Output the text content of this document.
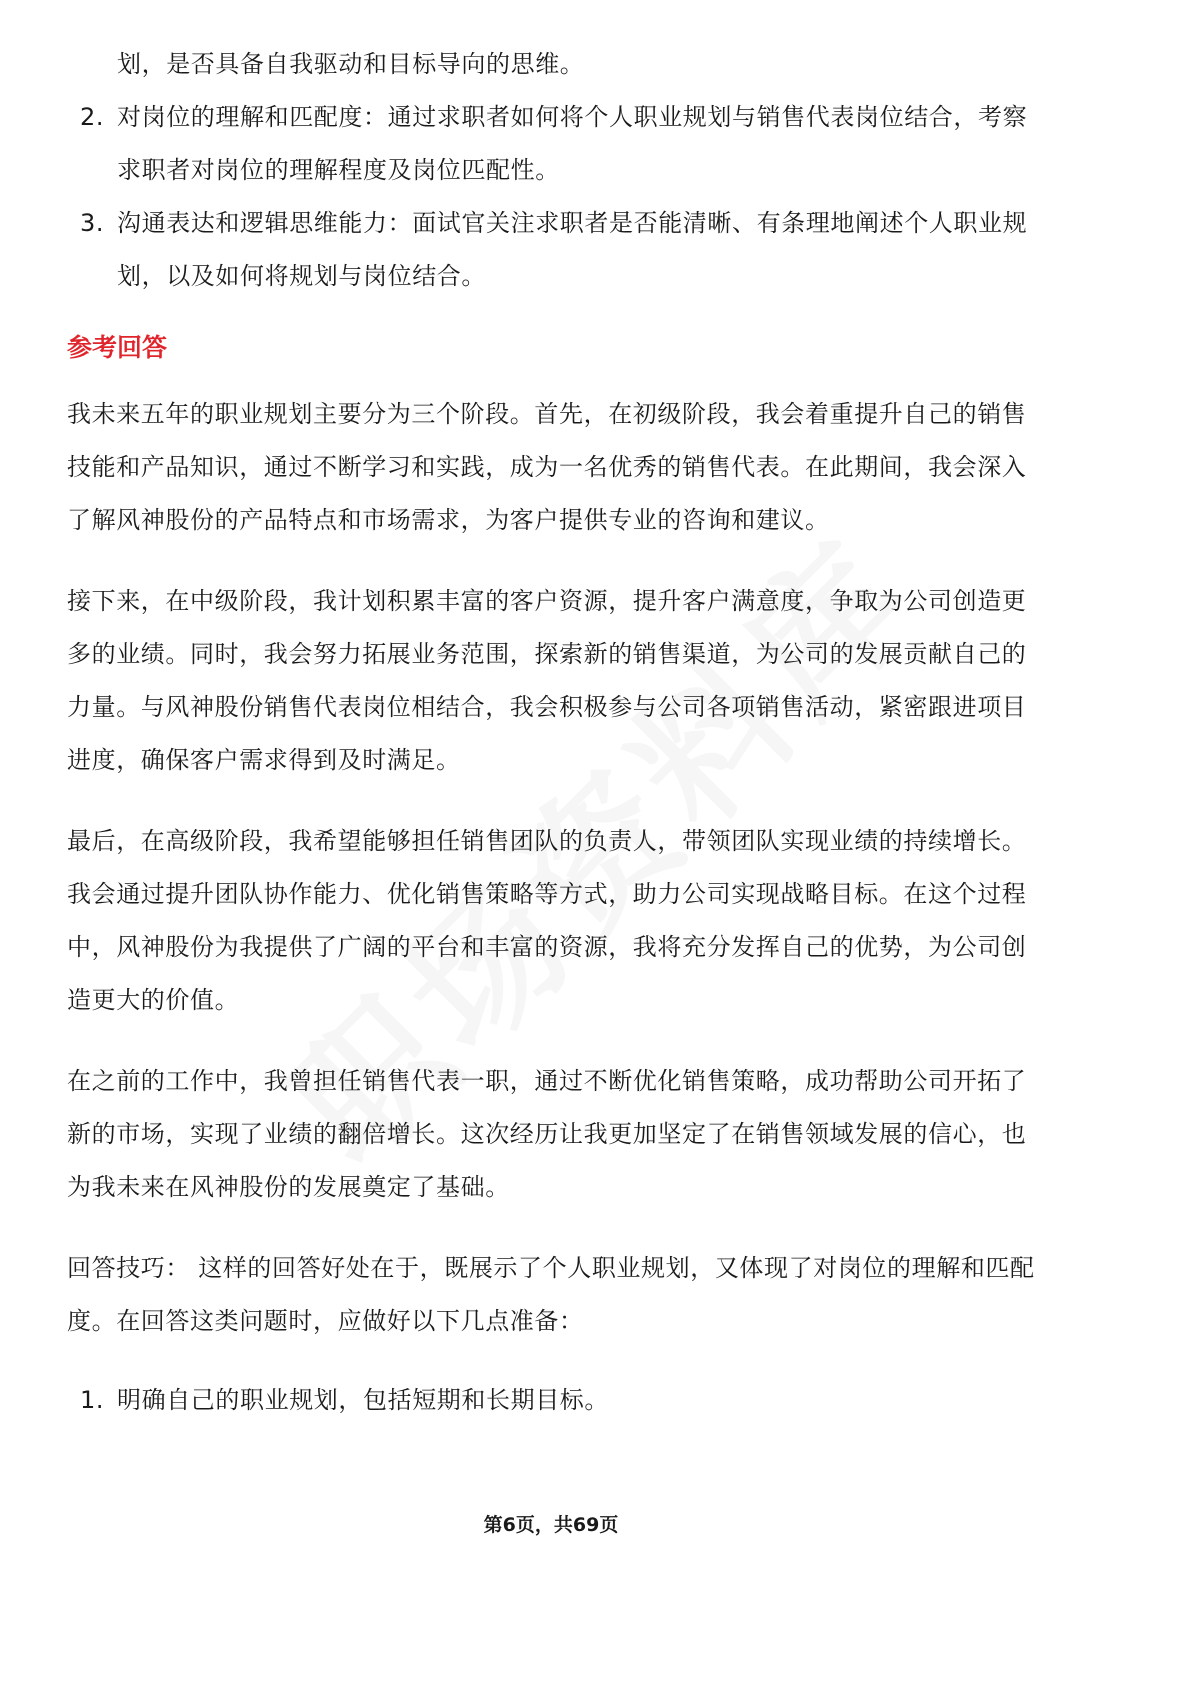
划，是否具备自我驱动和目标导向的思维。

2. 对岗位的理解和匹配度：通过求职者如何将个人职业规划与销售代表岗位结合，考察求职者对岗位的理解程度及岗位匹配性。
3. 沟通表达和逻辑思维能力：面试官关注求职者是否能清晰、有条理地阐述个人职业规划，以及如何将规划与岗位结合。
参考回答

我未来五年的职业规划主要分为三个阶段。首先，在初级阶段，我会着重提升自己的销售技能和产品知识，通过不断学习和实践，成为一名优秀的销售代表。在此期间，我会深入了解风神股份的产品特点和市场需求，为客户提供专业的咨询和建议。

接下来，在中级阶段，我计划积累丰富的客户资源，提升客户满意度，争取为公司创造更多的业绩。同时，我会努力拓展业务范围，探索新的销售渠道，为公司的发展贡献自己的力量。与风神股份销售代表岗位相结合，我会积极参与公司各项销售活动，紧密跟进项目进度，确保客户需求得到及时满足。

最后，在高级阶段，我希望能够担任销售团队的负责人，带领团队实现业绩的持续增长。我会通过提升团队协作能力、优化销售策略等方式，助力公司实现战略目标。在这个过程中，风神股份为我提供了广阔的平台和丰富的资源，我将充分发挥自己的优势，为公司创造更大的价值。

在之前的工作中，我曾担任销售代表一职，通过不断优化销售策略，成功帮助公司开拓了新的市场，实现了业绩的翻倍增长。这次经历让我更加坚定了在销售领域发展的信心，也为我未来在风神股份的发展奠定了基础。

回答技巧： 这样的回答好处在于，既展示了个人职业规划，又体现了对岗位的理解和匹配度。在回答这类问题时，应做好以下几点准备：

1. 明确自己的职业规划，包括短期和长期目标。
第6页，共69页
